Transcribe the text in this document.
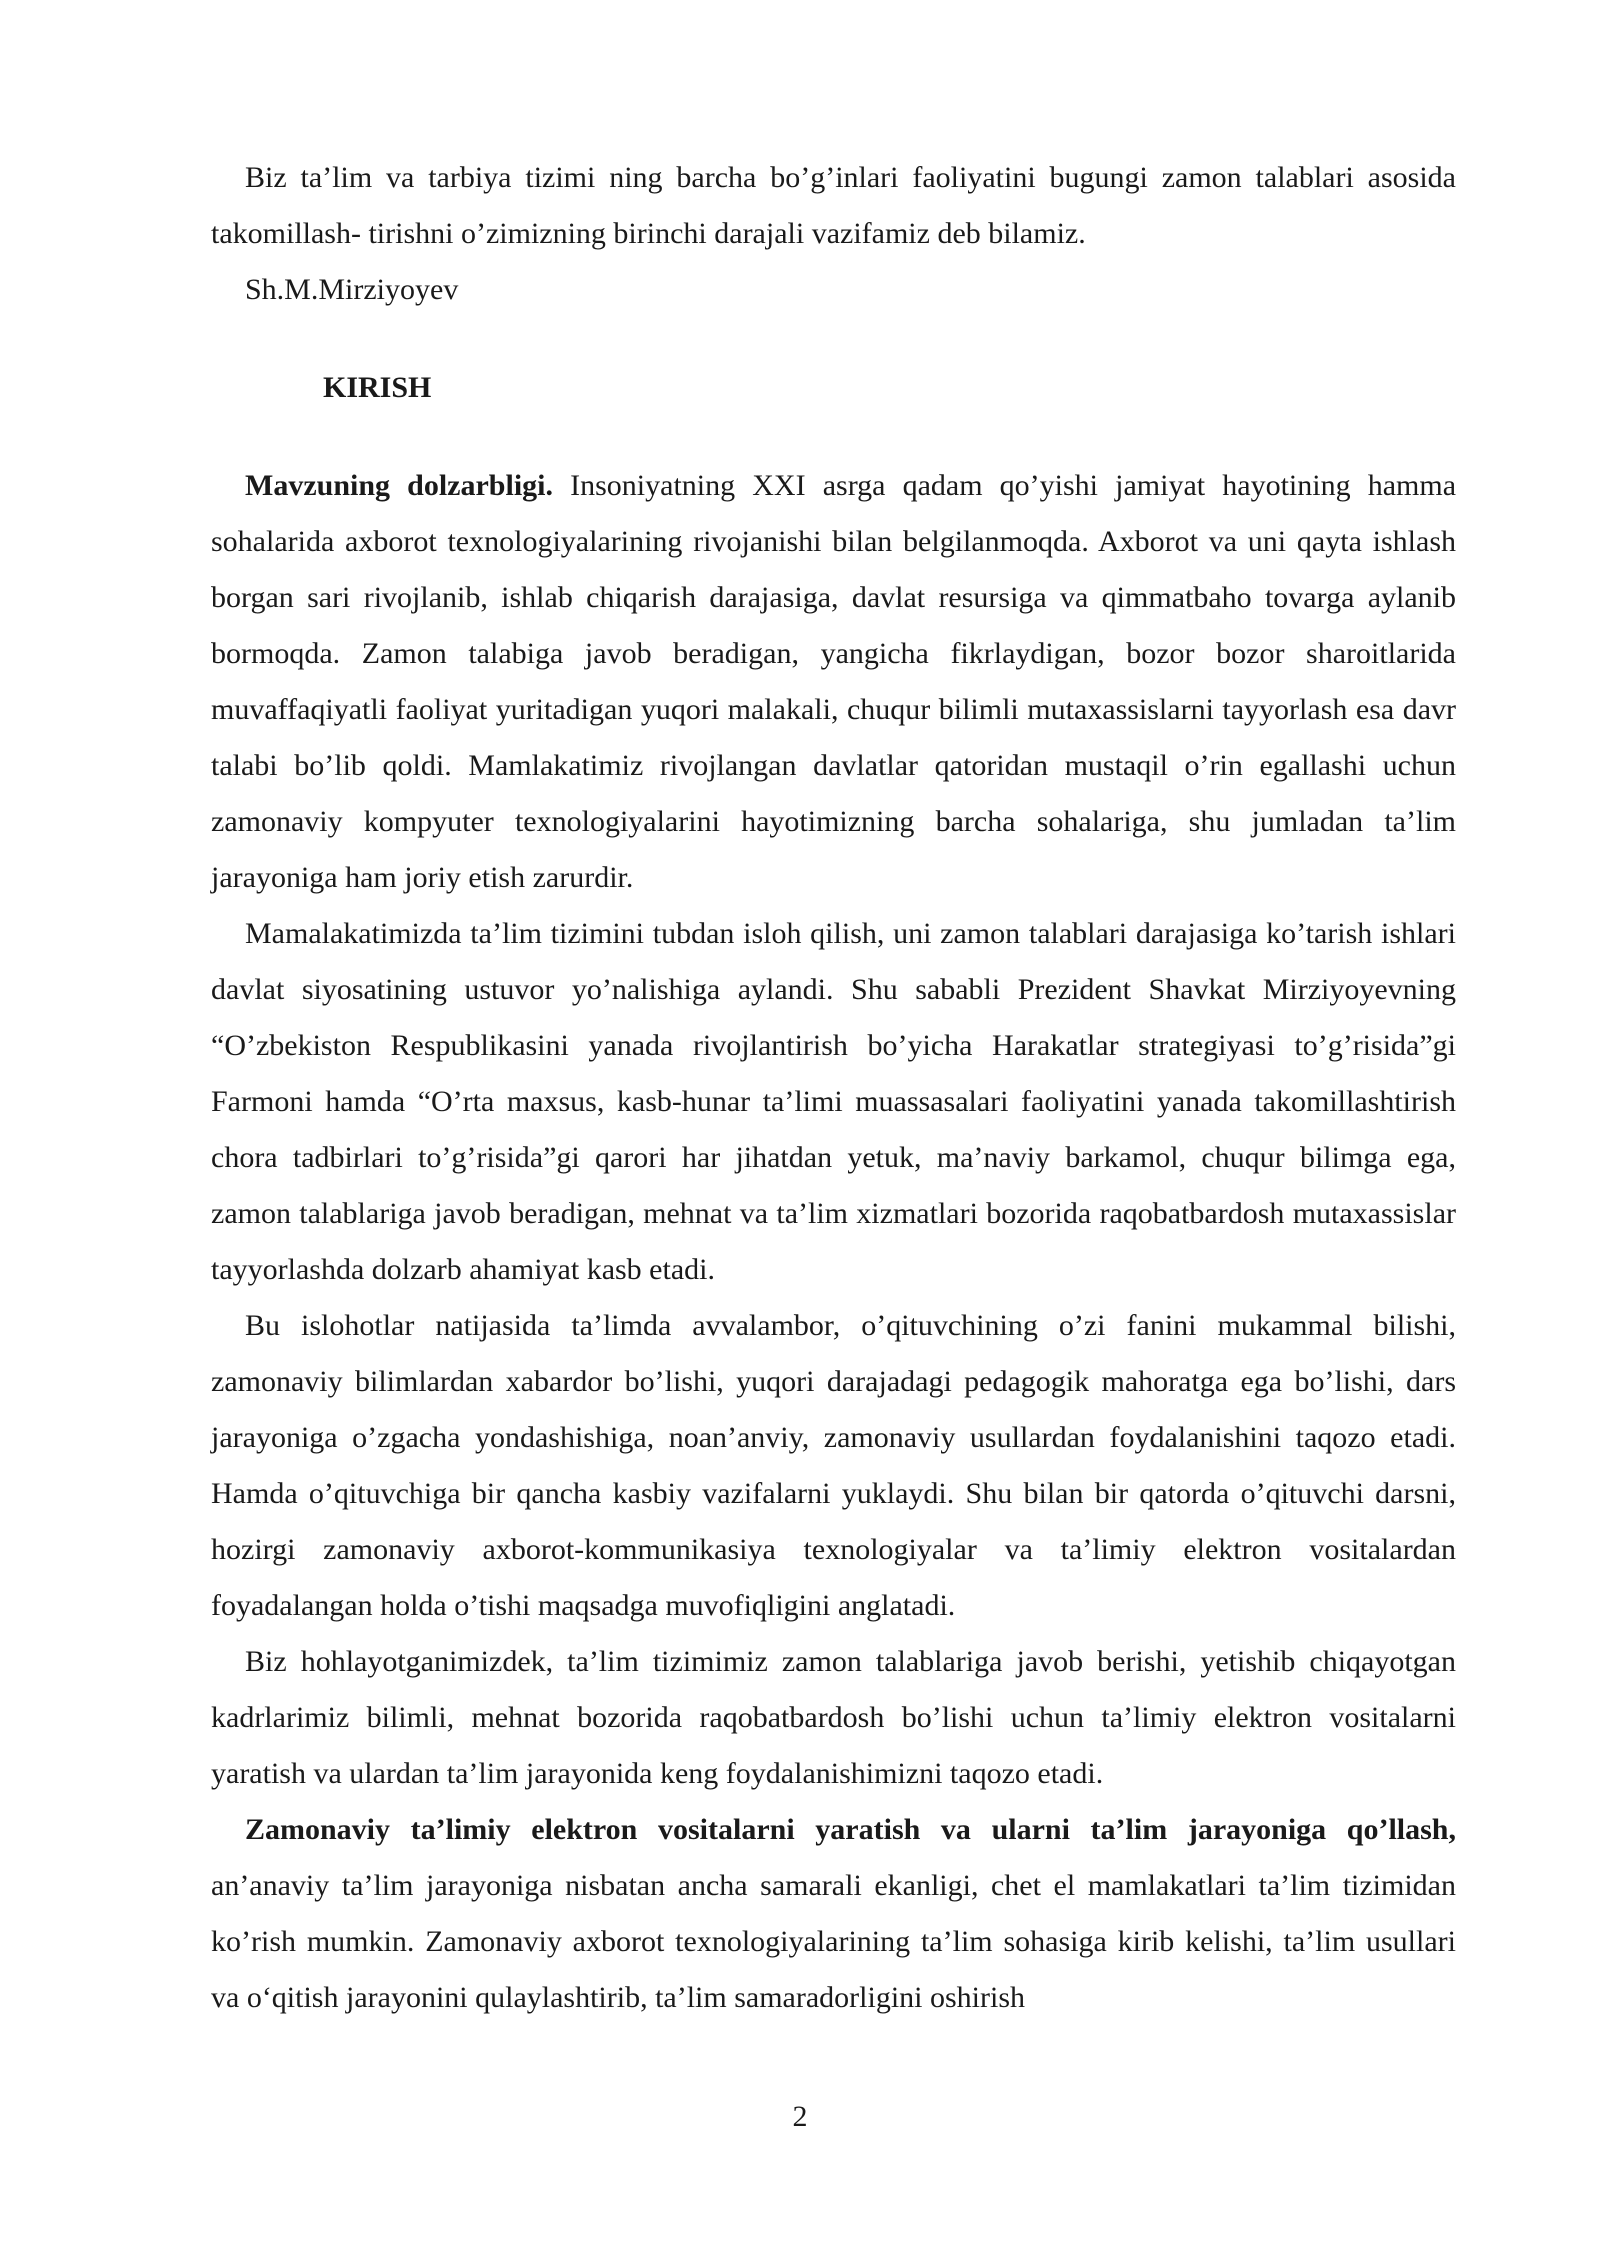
Biz ta’lim va tarbiya tizimi ning barcha bo’g’inlari faoliyatini bugungi zamon talablari asosida takomillash- tirishni o’zimizning birinchi darajali vazifamiz deb bilamiz.

Sh.M.Mirziyoyev

KIRISH

Mavzuning dolzarbligi. Insoniyatning XXI asrga qadam qo’yishi jamiyat hayotining hamma sohalarida axborot texnologiyalarining rivojanishi bilan belgilanmoqda. Axborot va uni qayta ishlash borgan sari rivojlanib, ishlab chiqarish darajasiga, davlat resursiga va qimmatbaho tovarga aylanib bormoqda. Zamon talabiga javob beradigan, yangicha fikrlaydigan, bozor bozor sharoitlarida muvaffaqiyatli faoliyat yuritadigan yuqori malakali, chuqur bilimli mutaxassislarni tayyorlash esa davr talabi bo’lib qoldi. Mamlakatimiz rivojlangan davlatlar qatoridan mustaqil o’rin egallashi uchun zamonaviy kompyuter texnologiyalarini hayotimizning barcha sohalariga, shu jumladan ta’lim jarayoniga ham joriy etish zarurdir.

Mamalakatimizda ta’lim tizimini tubdan isloh qilish, uni zamon talablari darajasiga ko’tarish ishlari davlat siyosatining ustuvor yo’nalishiga aylandi. Shu sababli Prezident Shavkat Mirziyoyevning “O’zbekiston Respublikasini yanada rivojlantirish bo’yicha Harakatlar strategiyasi to’g’risida”gi Farmoni hamda “O’rta maxsus, kasb-hunar ta’limi muassasalari faoliyatini yanada takomillashtirish chora tadbirlari to’g’risida”gi qarori har jihatdan yetuk, ma’naviy barkamol, chuqur bilimga ega, zamon talablariga javob beradigan, mehnat va ta’lim xizmatlari bozorida raqobatbardosh mutaxassislar tayyorlashda dolzarb ahamiyat kasb etadi.

Bu islohotlar natijasida ta’limda avvalambor, o’qituvchining o’zi fanini mukammal bilishi, zamonaviy bilimlardan xabardor bo’lishi, yuqori darajadagi pedagogik mahoratga ega bo’lishi, dars jarayoniga o’zgacha yondashishiga, noan’anviy, zamonaviy usullardan foydalanishini taqozo etadi. Hamda o’qituvchiga bir qancha kasbiy vazifalarni yuklaydi. Shu bilan bir qatorda o’qituvchi darsni, hozirgi zamonaviy axborot-kommunikasiya texnologiyalar va ta’limiy elektron vositalardan foyadalangan holda o’tishi maqsadga muvofiqligini anglatadi.

Biz hohlayotganimizdek, ta’lim tizimimiz zamon talablariga javob berishi, yetishib chiqayotgan kadrlarimiz bilimli, mehnat bozorida raqobatbardosh bo’lishi uchun ta’limiy elektron vositalarni yaratish va ulardan ta’lim jarayonida keng foydalanishimizni taqozo etadi.

Zamonaviy ta’limiy elektron vositalarni yaratish va ularni ta’lim jarayoniga qo’llash, an’anaviy ta’lim jarayoniga nisbatan ancha samarali ekanligi, chet el mamlakatlari ta’lim tizimidan ko’rish mumkin. Zamonaviy axborot texnologiyalarining ta’lim sohasiga kirib kelishi, ta’lim usullari va o‘qitish jarayonini qulaylashtirib, ta’lim samaradorligini oshirish

2
